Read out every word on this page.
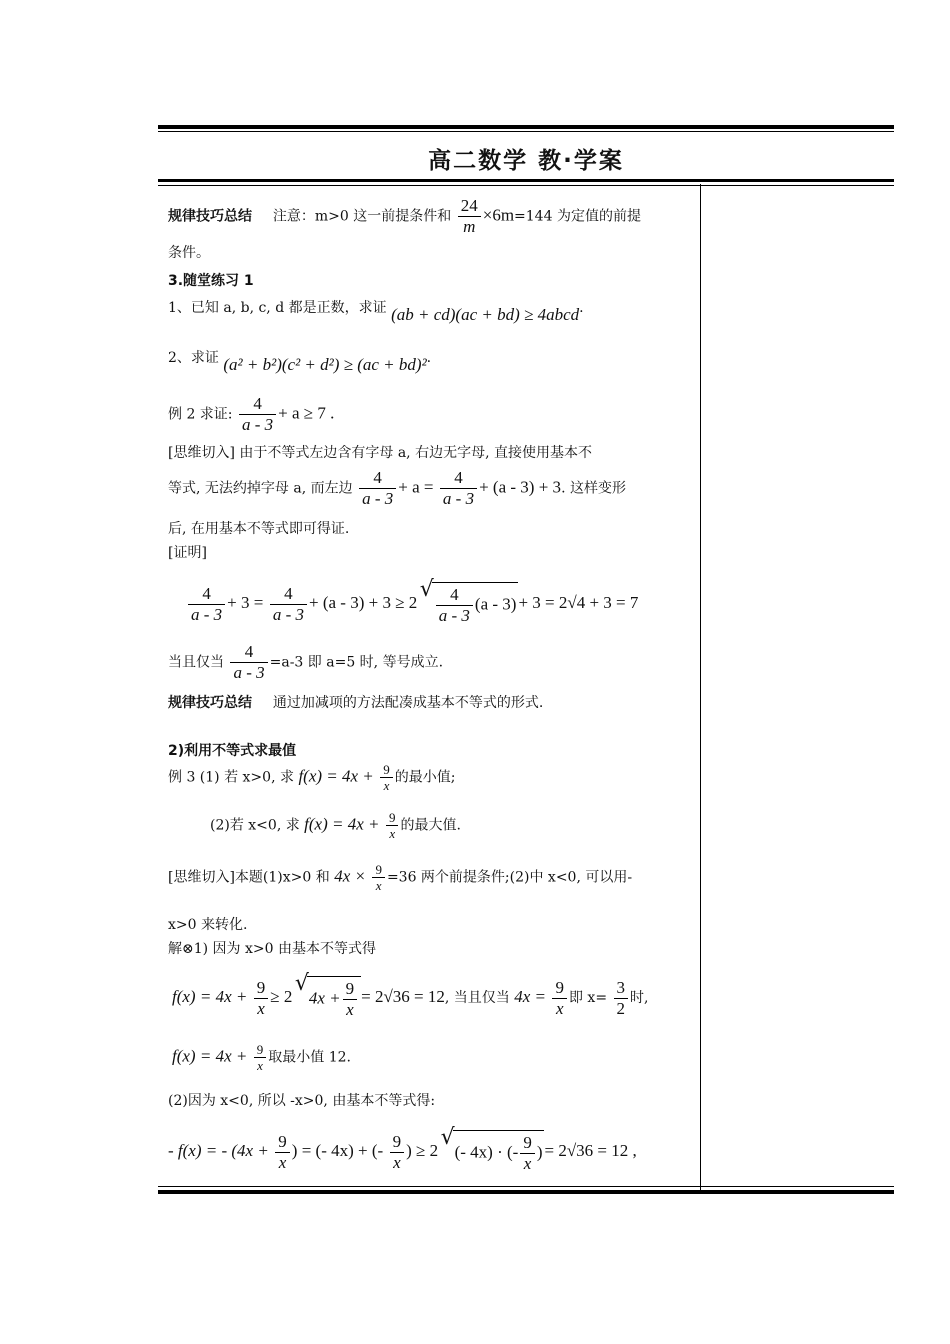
高二数学 教·学案
规律技巧总结 注意：m>0 这一前提条件和 $\frac{24}{m} \times 6m=144$ 为定值的前提
条件。
3.随堂练习 1
1、已知 a, b, c, d 都是正数，求证 (ab + cd)(ac + bd) ≥ 4abcd.
2、求证 (a² + b²)(c² + d²) ≥ (ac + bd)².
例 2 求证: $\frac{4}{a - 3} + a \ge 7$ .
[思维切入] 由于不等式左边含有字母 a, 右边无字母, 直接使用基本不
等式, 无法约掉字母 a, 而左边 $\frac{4}{a - 3} + a = \frac{4}{a - 3} + (a - 3) + 3$. 这样变形
后, 在用基本不等式即可得证.
[证明]
$\frac{4}{a - 3} + 3 = \frac{4}{a - 3} + (a - 3) + 3 \ge 2$ √ $\frac{4}{a - 3} (a - 3) + 3 = 2√4 + 3 = 7$
当且仅当 $\frac{4}{a - 3} =a-3$ 即 a=5 时, 等号成立.
规律技巧总结 通过加减项的方法配凑成基本不等式的形式.
2)利用不等式求最值
例 3 (1) 若 x>0, 求 $f(x) = 4x + \frac{9}{x}$ 的最小值;
(2)若 x<0, 求 $f(x) = 4x + \frac{9}{x}$ 的最大值.
[思维切入]本题(1)x>0 和 $4x \times \frac{9}{x} =36$ 两个前提条件;(2)中 x<0, 可以用-
x>0 来转化.
解⊗1) 因为 x>0 由基本不等式得
$f(x) = 4x + \frac{9}{x} \ge 2$ √ $4x + \frac{9}{x} = 2√36 = 12$, 当且仅当 $4x = \frac{9}{x}$ 即 $x= \frac{3}{2}$ 时,
$f(x) = 4x + \frac{9}{x}$ 取最小值 12.
(2)因为 x<0, 所以 -x>0, 由基本不等式得:
- f(x) = - ($4x + \frac{9}{x}$ ) = (- 4x) + (- $\frac{9}{x}$ ) ≥ 2 √ (- 4x) · (- $\frac{9}{x}$ ) = 2√36 = 12 ,
